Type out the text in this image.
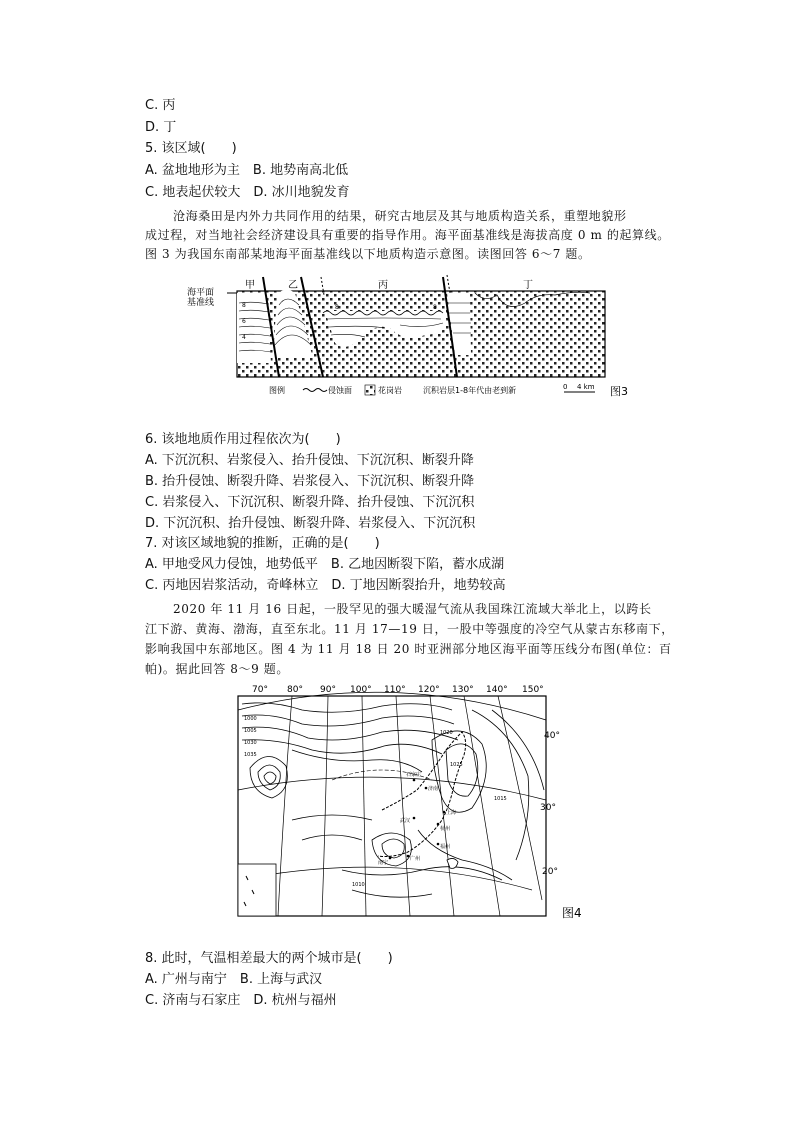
C. 丙
D. 丁
5. 该区域(　　)
A. 盆地地形为主　B. 地势南高北低
C. 地表起伏较大　D. 冰川地貌发育
沧海桑田是内外力共同作用的结果，研究古地层及其与地质构造关系，重塑地貌形
成过程，对当地社会经济建设具有重要的指导作用。海平面基准线是海拔高度 0 m 的起算线。
图 3 为我国东南部某地海平面基准线以下地质构造示意图。读图回答 6～7 题。
海平面
基准线	8
6
4
8	8
甲	乙	丙	丁
图例	侵蚀面	花岗岩	沉积岩层1-8年代由老到新	0 4 km 图3
6. 该地地质作用过程依次为(　　)
A. 下沉沉积、岩浆侵入、抬升侵蚀、下沉沉积、断裂升降
B. 抬升侵蚀、断裂升降、岩浆侵入、下沉沉积、断裂升降
C. 岩浆侵入、下沉沉积、断裂升降、抬升侵蚀、下沉沉积
D. 下沉沉积、抬升侵蚀、断裂升降、岩浆侵入、下沉沉积
7. 对该区域地貌的推断，正确的是(　　)
A. 甲地受风力侵蚀，地势低平　B. 乙地因断裂下陷，蓄水成湖
C. 丙地因岩浆活动，奇峰林立　D. 丁地因断裂抬升，地势较高
2020 年 11 月 16 日起，一股罕见的强大暖湿气流从我国珠江流域大举北上，以跨长
江下游、黄海、渤海，直至东北。11 月 17—19 日，一股中等强度的冷空气从蒙古东移南下，
影响我国中东部地区。图 4 为 11 月 18 日 20 时亚洲部分地区海平面等压线分布图(单位：百
帕)。据此回答 8～9 题。
70° 80° 90° 100° 110° 120° 130° 140° 150°
40°
30°
20°
1000
1005
1030
1035
1020
1025
1015
1010
石家庄
济南
上海
武汉
杭州
福州
南宁
广州
图4
8. 此时，气温相差最大的两个城市是(　　)
A. 广州与南宁　B. 上海与武汉
C. 济南与石家庄　D. 杭州与福州
